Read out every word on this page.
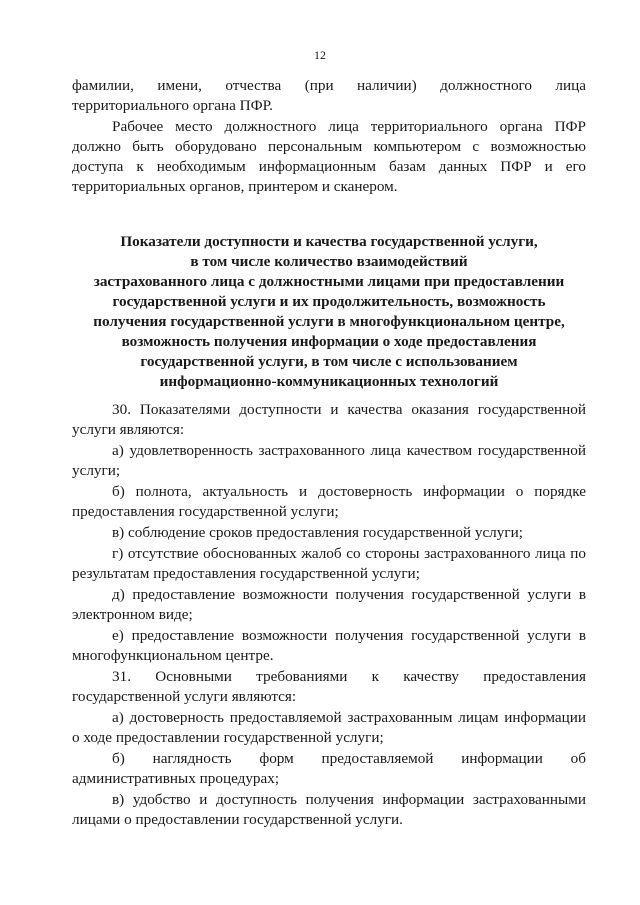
12

фамилии, имени, отчества (при наличии) должностного лица территориального органа ПФР.

Рабочее место должностного лица территориального органа ПФР должно быть оборудовано персональным компьютером с возможностью доступа к необходимым информационным базам данных ПФР и его территориальных органов, принтером и сканером.

Показатели доступности и качества государственной услуги,
в том числе количество взаимодействий
застрахованного лица с должностными лицами при предоставлении
государственной услуги и их продолжительность, возможность
получения государственной услуги в многофункциональном центре,
возможность получения информации о ходе предоставления
государственной услуги, в том числе с использованием
информационно-коммуникационных технологий

30. Показателями доступности и качества оказания государственной услуги являются:

а) удовлетворенность застрахованного лица качеством государственной услуги;

б) полнота, актуальность и достоверность информации о порядке предоставления государственной услуги;

в) соблюдение сроков предоставления государственной услуги;

г) отсутствие обоснованных жалоб со стороны застрахованного лица по результатам предоставления государственной услуги;

д) предоставление возможности получения государственной услуги в электронном виде;

е) предоставление возможности получения государственной услуги в многофункциональном центре.

31. Основными требованиями к качеству предоставления государственной услуги являются:

а) достоверность предоставляемой застрахованным лицам информации о ходе предоставлении государственной услуги;

б) наглядность форм предоставляемой информации об административных процедурах;

в) удобство и доступность получения информации застрахованными лицами о предоставлении государственной услуги.
